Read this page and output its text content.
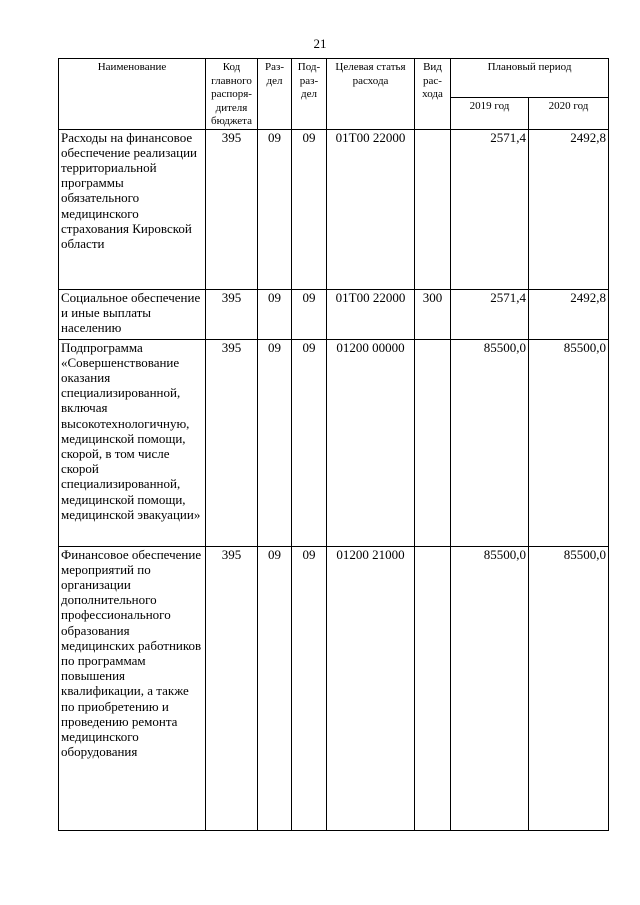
21
Наименование	Код главного распоря-дителя бюджета	Раз-дел	Под-раз-дел	Целевая статья расхода	Вид рас-хода	Плановый период	
						2019 год	2020 год
Расходы на финансовое обеспечение реализации территориальной программы обязательного медицинского страхования Кировской области	395	09	09	01Т00 22000		2571,4	2492,8
Социальное обеспечение и иные выплаты населению	395	09	09	01Т00 22000	300	2571,4	2492,8
Подпрограмма «Совершенствование оказания специализированной, включая высокотехнологичную, медицинской помощи, скорой, в том числе скорой специализированной, медицинской помощи, медицинской эвакуации»	395	09	09	01200 00000		85500,0	85500,0
Финансовое обеспечение мероприятий по организации дополнительного профессионального образования медицинских работников по программам повышения квалификации, а также по приобретению и проведению ремонта медицинского оборудования	395	09	09	01200 21000		85500,0	85500,0
